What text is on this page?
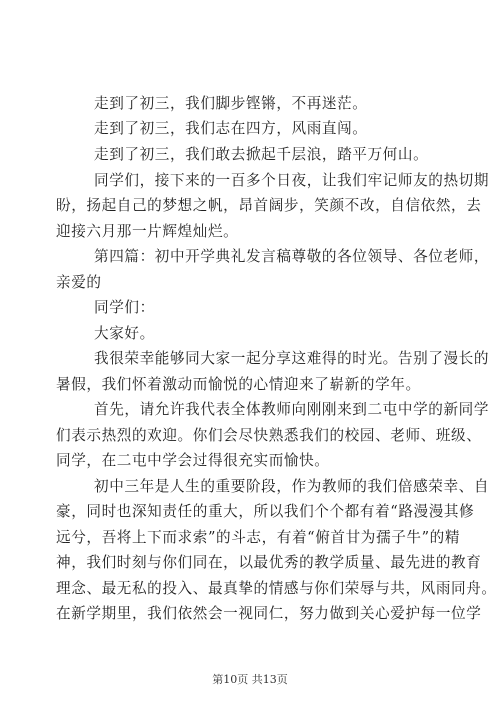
走到了初三，我们脚步铿锵，不再迷茫。
走到了初三，我们志在四方，风雨直闯。
走到了初三，我们敢去掀起千层浪，踏平万何山。
同学们，接下来的一百多个日夜，让我们牢记师友的热切期
盼，扬起自己的梦想之帆，昂首阔步，笑颜不改，自信依然，去
迎接六月那一片辉煌灿烂。
第四篇：初中开学典礼发言稿尊敬的各位领导、各位老师，
亲爱的
同学们：
大家好。
我很荣幸能够同大家一起分享这难得的时光。告别了漫长的
暑假，我们怀着激动而愉悦的心情迎来了崭新的学年。
首先，请允许我代表全体教师向刚刚来到二屯中学的新同学
们表示热烈的欢迎。你们会尽快熟悉我们的校园、老师、班级、
同学，在二屯中学会过得很充实而愉快。
初中三年是人生的重要阶段，作为教师的我们倍感荣幸、自
豪，同时也深知责任的重大，所以我们个个都有着“路漫漫其修
远兮，吾将上下而求索”的斗志，有着“俯首甘为孺子牛”的精
神，我们时刻与你们同在，以最优秀的教学质量、最先进的教育
理念、最无私的投入、最真挚的情感与你们荣辱与共，风雨同舟。
在新学期里，我们依然会一视同仁，努力做到关心爱护每一位学
第10页 共13页
